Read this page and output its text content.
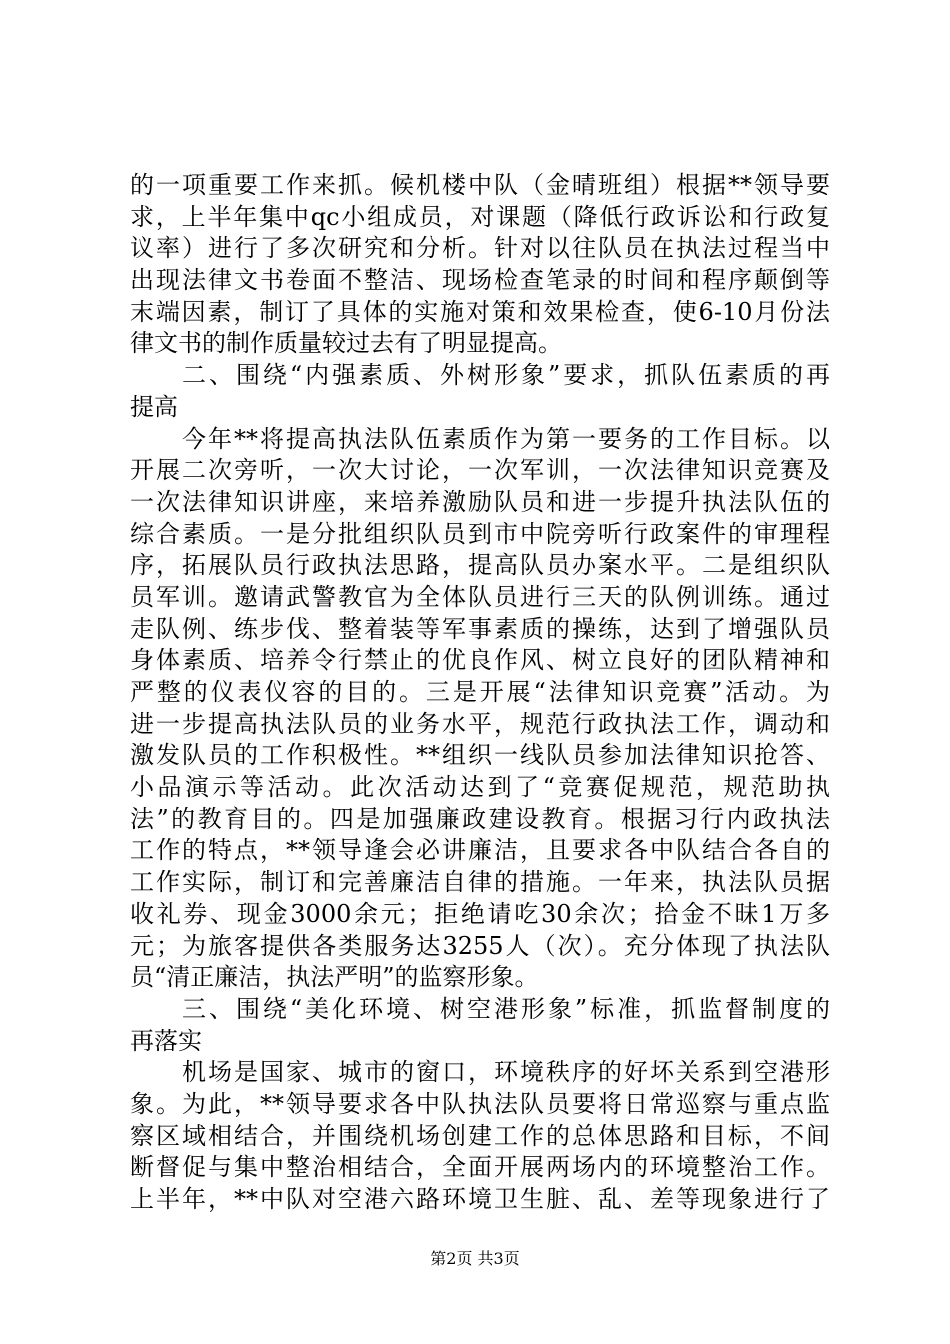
的一项重要工作来抓。候机楼中队（金晴班组）根据**领导要
求，上半年集中qc小组成员，对课题（降低行政诉讼和行政复
议率）进行了多次研究和分析。针对以往队员在执法过程当中
出现法律文书卷面不整洁、现场检查笔录的时间和程序颠倒等
末端因素，制订了具体的实施对策和效果检查，使6-10月份法
律文书的制作质量较过去有了明显提高。
二、围绕“内强素质、外树形象”要求，抓队伍素质的再
提高
今年**将提高执法队伍素质作为第一要务的工作目标。以
开展二次旁听，一次大讨论，一次军训，一次法律知识竞赛及
一次法律知识讲座，来培养激励队员和进一步提升执法队伍的
综合素质。一是分批组织队员到市中院旁听行政案件的审理程
序，拓展队员行政执法思路，提高队员办案水平。二是组织队
员军训。邀请武警教官为全体队员进行三天的队例训练。通过
走队例、练步伐、整着装等军事素质的操练，达到了增强队员
身体素质、培养令行禁止的优良作风、树立良好的团队精神和
严整的仪表仪容的目的。三是开展“法律知识竞赛”活动。为
进一步提高执法队员的业务水平，规范行政执法工作，调动和
激发队员的工作积极性。**组织一线队员参加法律知识抢答、
小品演示等活动。此次活动达到了“竞赛促规范，规范助执
法”的教育目的。四是加强廉政建设教育。根据习行内政执法
工作的特点，**领导逢会必讲廉洁，且要求各中队结合各自的
工作实际，制订和完善廉洁自律的措施。一年来，执法队员据
收礼券、现金3000余元；拒绝请吃30余次；拾金不昧1万多
元；为旅客提供各类服务达3255人（次）。充分体现了执法队
员“清正廉洁，执法严明”的监察形象。
三、围绕“美化环境、树空港形象”标准，抓监督制度的
再落实
机场是国家、城市的窗口，环境秩序的好坏关系到空港形
象。为此，**领导要求各中队执法队员要将日常巡察与重点监
察区域相结合，并围绕机场创建工作的总体思路和目标，不间
断督促与集中整治相结合，全面开展两场内的环境整治工作。
上半年，**中队对空港六路环境卫生脏、乱、差等现象进行了
第2页 共3页
